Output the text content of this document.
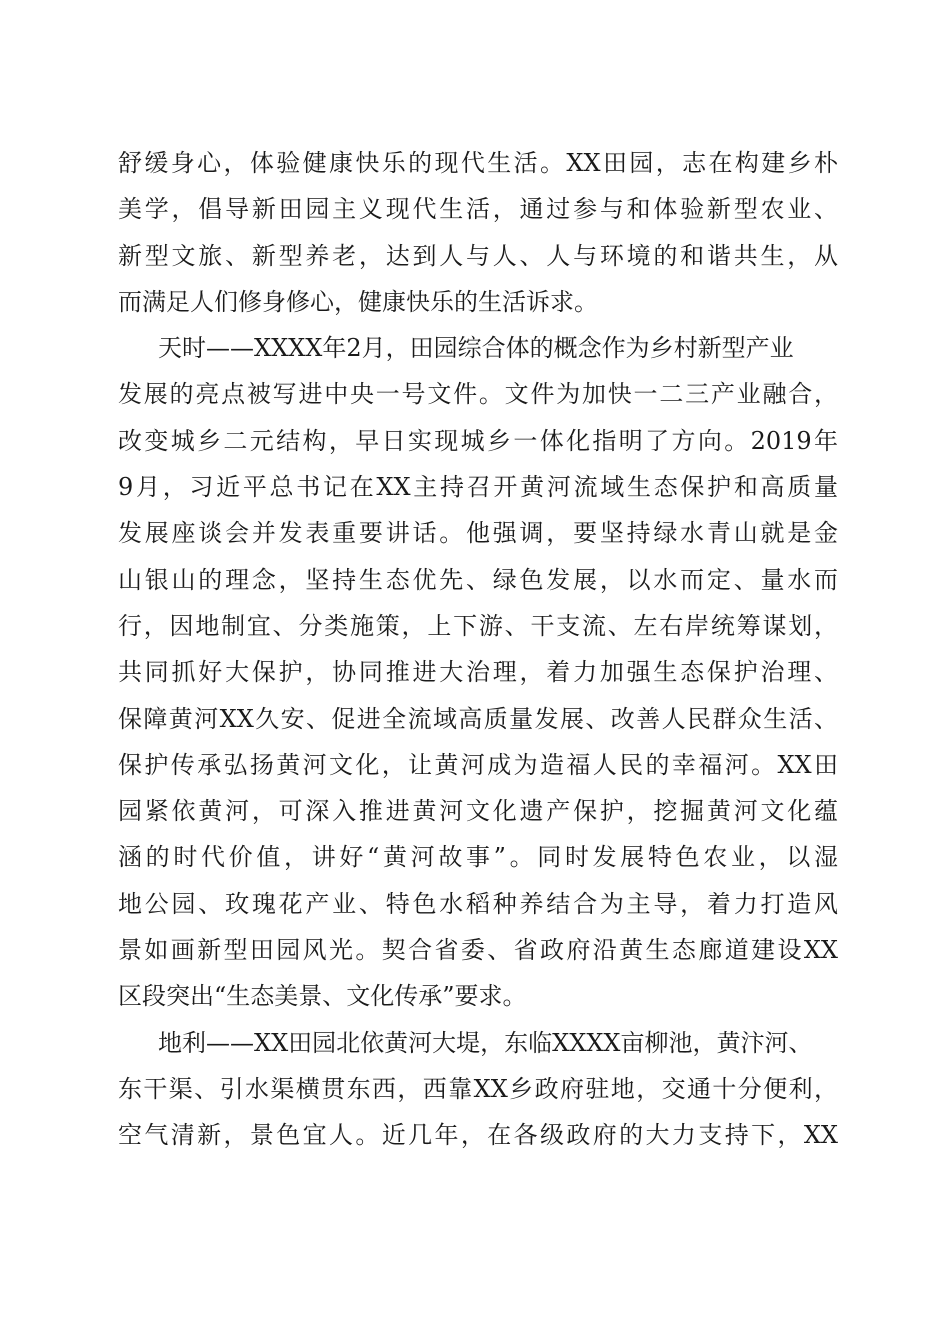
舒缓身心，体验健康快乐的现代生活。XX田园，志在构建乡朴
美学，倡导新田园主义现代生活，通过参与和体验新型农业、
新型文旅、新型养老，达到人与人、人与环境的和谐共生，从
而满足人们修身修心，健康快乐的生活诉求。
天时——XXXX年2月，田园综合体的概念作为乡村新型产业
发展的亮点被写进中央一号文件。文件为加快一二三产业融合，
改变城乡二元结构，早日实现城乡一体化指明了方向。2019年
9月，习近平总书记在XX主持召开黄河流域生态保护和高质量
发展座谈会并发表重要讲话。他强调，要坚持绿水青山就是金
山银山的理念，坚持生态优先、绿色发展，以水而定、量水而
行，因地制宜、分类施策，上下游、干支流、左右岸统筹谋划，
共同抓好大保护，协同推进大治理，着力加强生态保护治理、
保障黄河XX久安、促进全流域高质量发展、改善人民群众生活、
保护传承弘扬黄河文化，让黄河成为造福人民的幸福河。XX田
园紧依黄河，可深入推进黄河文化遗产保护，挖掘黄河文化蕴
涵的时代价值，讲好“黄河故事”。同时发展特色农业，以湿
地公园、玫瑰花产业、特色水稻种养结合为主导，着力打造风
景如画新型田园风光。契合省委、省政府沿黄生态廊道建设XX
区段突出“生态美景、文化传承”要求。
地利——XX田园北依黄河大堤，东临XXXX亩柳池，黄汴河、
东干渠、引水渠横贯东西，西靠XX乡政府驻地，交通十分便利，
空气清新，景色宜人。近几年，在各级政府的大力支持下，XX
